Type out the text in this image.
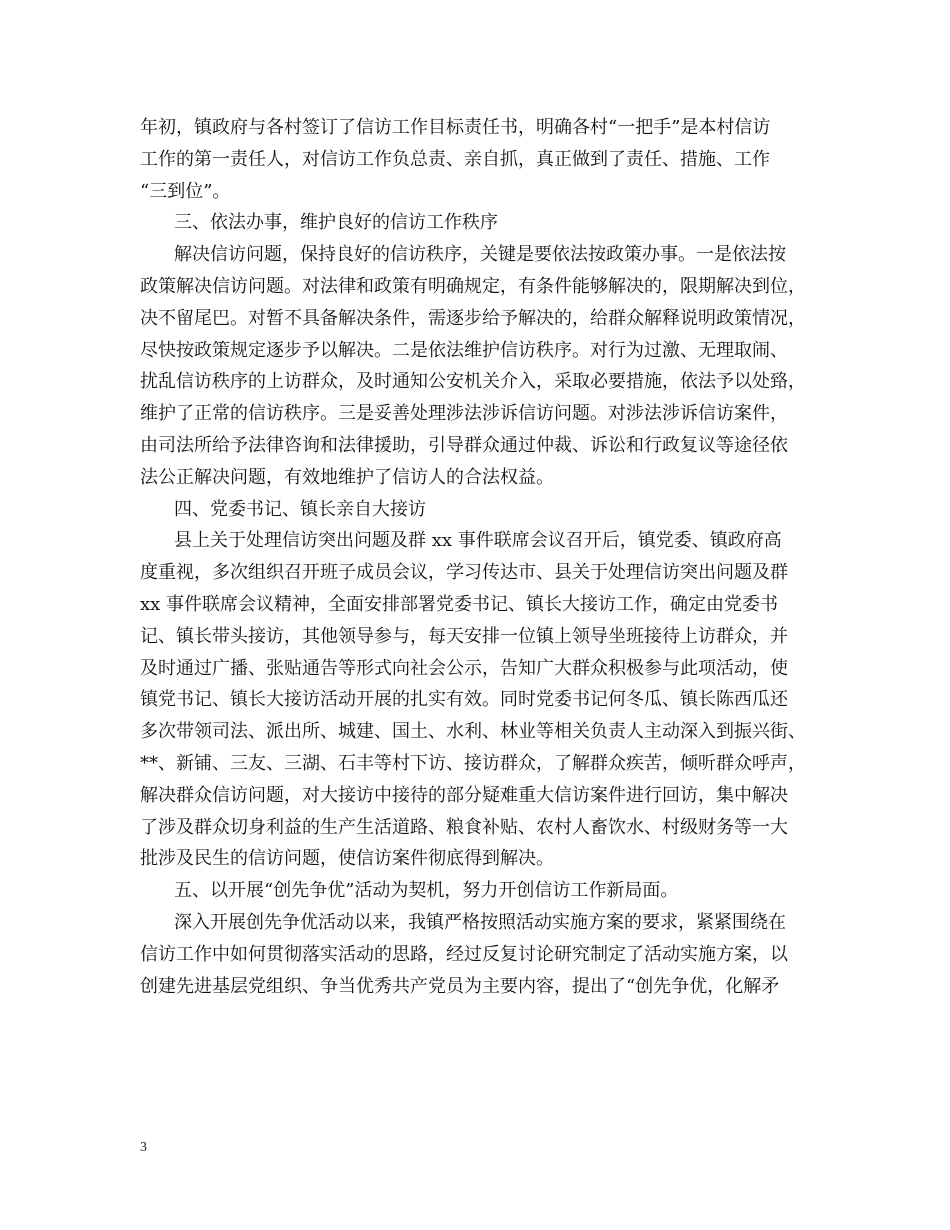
年初，镇政府与各村签订了信访工作目标责任书，明确各村“一把手”是本村信访
工作的第一责任人，对信访工作负总责、亲自抓，真正做到了责任、措施、工作
“三到位”。
三、依法办事，维护良好的信访工作秩序
解决信访问题，保持良好的信访秩序，关键是要依法按政策办事。一是依法按
政策解决信访问题。对法律和政策有明确规定，有条件能够解决的，限期解决到位，
决不留尾巴。对暂不具备解决条件，需逐步给予解决的，给群众解释说明政策情况，
尽快按政策规定逐步予以解决。二是依法维护信访秩序。对行为过激、无理取闹、
扰乱信访秩序的上访群众，及时通知公安机关介入，采取必要措施，依法予以处臵，
维护了正常的信访秩序。三是妥善处理涉法涉诉信访问题。对涉法涉诉信访案件，
由司法所给予法律咨询和法律援助，引导群众通过仲裁、诉讼和行政复议等途径依
法公正解决问题，有效地维护了信访人的合法权益。
四、党委书记、镇长亲自大接访
县上关于处理信访突出问题及群 xx 事件联席会议召开后，镇党委、镇政府高
度重视，多次组织召开班子成员会议，学习传达市、县关于处理信访突出问题及群
xx 事件联席会议精神，全面安排部署党委书记、镇长大接访工作，确定由党委书
记、镇长带头接访，其他领导参与，每天安排一位镇上领导坐班接待上访群众，并
及时通过广播、张贴通告等形式向社会公示，告知广大群众积极参与此项活动，使
镇党书记、镇长大接访活动开展的扎实有效。同时党委书记何冬瓜、镇长陈西瓜还
多次带领司法、派出所、城建、国土、水利、林业等相关负责人主动深入到振兴街、
**、新铺、三友、三湖、石丰等村下访、接访群众，了解群众疾苦，倾听群众呼声，
解决群众信访问题，对大接访中接待的部分疑难重大信访案件进行回访，集中解决
了涉及群众切身利益的生产生活道路、粮食补贴、农村人畜饮水、村级财务等一大
批涉及民生的信访问题，使信访案件彻底得到解决。
五、以开展“创先争优”活动为契机，努力开创信访工作新局面。
深入开展创先争优活动以来，我镇严格按照活动实施方案的要求，紧紧围绕在
信访工作中如何贯彻落实活动的思路，经过反复讨论研究制定了活动实施方案，以
创建先进基层党组织、争当优秀共产党员为主要内容，提出了“创先争优，化解矛
3
